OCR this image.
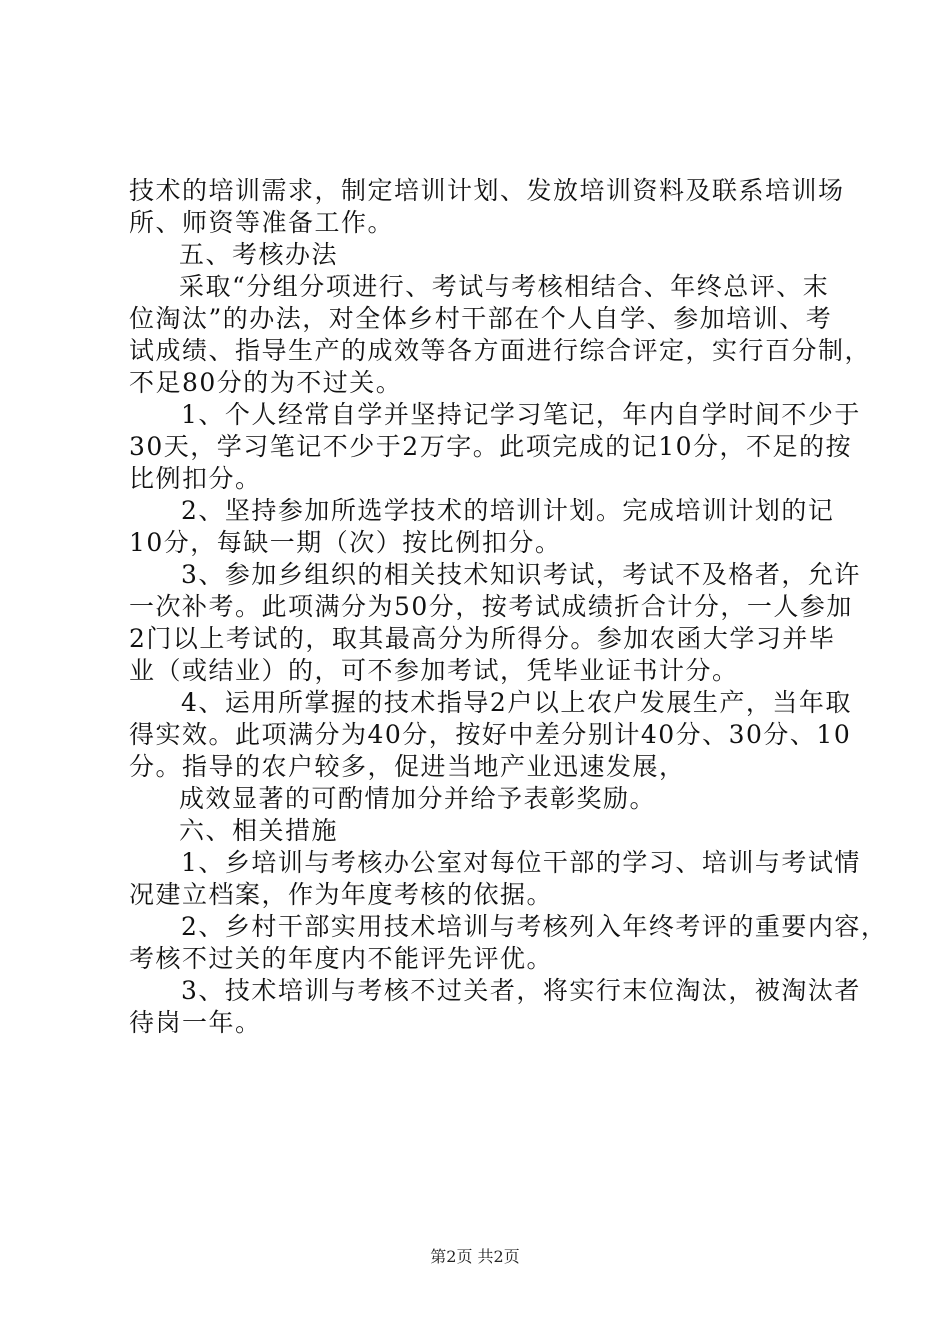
技术的培训需求，制定培训计划、发放培训资料及联系培训场
所、师资等准备工作。
五、考核办法
采取“分组分项进行、考试与考核相结合、年终总评、末
位淘汰”的办法，对全体乡村干部在个人自学、参加培训、考
试成绩、指导生产的成效等各方面进行综合评定，实行百分制，
不足80分的为不过关。
1、个人经常自学并坚持记学习笔记，年内自学时间不少于
30天，学习笔记不少于2万字。此项完成的记10分，不足的按
比例扣分。
2、坚持参加所选学技术的培训计划。完成培训计划的记
10分，每缺一期（次）按比例扣分。
3、参加乡组织的相关技术知识考试，考试不及格者，允许
一次补考。此项满分为50分，按考试成绩折合计分，一人参加
2门以上考试的，取其最高分为所得分。参加农函大学习并毕
业（或结业）的，可不参加考试，凭毕业证书计分。
4、运用所掌握的技术指导2户以上农户发展生产，当年取
得实效。此项满分为40分，按好中差分别计40分、30分、10
分。指导的农户较多，促进当地产业迅速发展，
成效显著的可酌情加分并给予表彰奖励。
六、相关措施
1、乡培训与考核办公室对每位干部的学习、培训与考试情
况建立档案，作为年度考核的依据。
2、乡村干部实用技术培训与考核列入年终考评的重要内容，
考核不过关的年度内不能评先评优。
3、技术培训与考核不过关者，将实行末位淘汰，被淘汰者
待岗一年。
第2页 共2页
